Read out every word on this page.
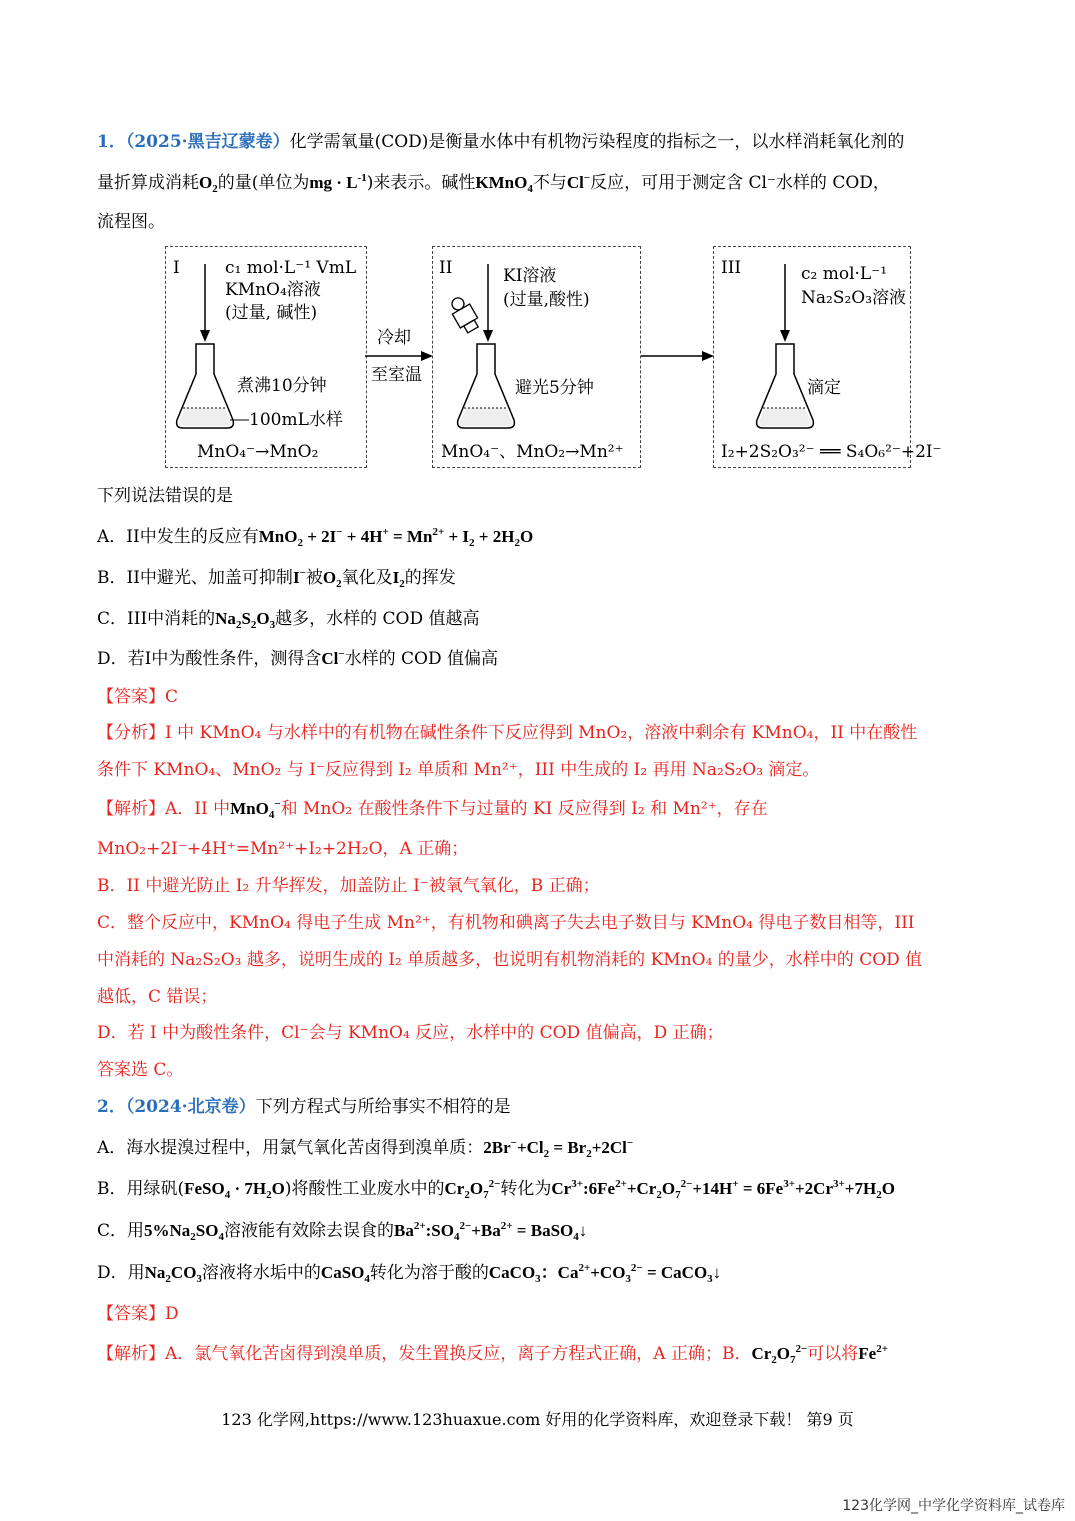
1．（2025·黑吉辽蒙卷）化学需氧量(COD)是衡量水体中有机物污染程度的指标之一，以水样消耗氧化剂的
量折算成消耗$O_2$的量(单位为mg · $L^{-1}$)来表示。碱性KMnO$_4$不与Cl−反应，可用于测定含 Cl⁻水样的 COD，
流程图。
I	c₁ mol·L⁻¹ VmL
KMnO₄溶液
(过量, 碱性)
煮沸10分钟
100mL水样
MnO₄⁻→MnO₂
冷却
至室温
II	KI溶液
(过量,酸性)
避光5分钟
MnO₄⁻、MnO₂→Mn²⁺
III	c₂ mol·L⁻¹
Na₂S₂O₃溶液
滴定
I₂+2S₂O₃²⁻ ══ S₄O₆²⁻+2I⁻
下列说法错误的是
A．II中发生的反应有$MnO_2 + 2I^- + 4H^+ = Mn^{2+} + I_2 + 2H_2O$
B．II中避光、加盖可抑制I−被$O_2$氧化及$I_2$的挥发
C．III中消耗的$Na_2S_2O_3$越多，水样的 COD 值越高
D．若I中为酸性条件，测得含Cl−水样的 COD 值偏高
【答案】C
【分析】I 中 KMnO₄ 与水样中的有机物在碱性条件下反应得到 MnO₂，溶液中剩余有 KMnO₄，II 中在酸性
条件下 KMnO₄、MnO₂ 与 I⁻反应得到 I₂ 单质和 Mn²⁺，III 中生成的 I₂ 再用 Na₂S₂O₃ 滴定。
【解析】A．II 中MnO$_4$−和 MnO₂ 在酸性条件下与过量的 KI 反应得到 I₂ 和 Mn²⁺，存在
MnO₂+2I⁻+4H⁺=Mn²⁺+I₂+2H₂O，A 正确；
B．II 中避光防止 I₂ 升华挥发，加盖防止 I⁻被氧气氧化，B 正确；
C．整个反应中，KMnO₄ 得电子生成 Mn²⁺，有机物和碘离子失去电子数目与 KMnO₄ 得电子数目相等，III
中消耗的 Na₂S₂O₃ 越多，说明生成的 I₂ 单质越多，也说明有机物消耗的 KMnO₄ 的量少，水样中的 COD 值
越低，C 错误；
D．若 I 中为酸性条件，Cl⁻会与 KMnO₄ 反应，水样中的 COD 值偏高，D 正确；
答案选 C。
2．（2024·北京卷）下列方程式与所给事实不相符的是
A．海水提溴过程中，用氯气氧化苦卤得到溴单质：$2Br^-+Cl_2 = Br_2+2Cl^-$
B．用绿矾(FeSO$_4$ · $7H_2O$)将酸性工业废水中的$Cr_2O_7^{2-}$转化为$Cr^{3+}:6Fe^{2+}+Cr_2O_7^{2-}+14H^+ = 6Fe^{3+}+2Cr^{3+}+7H_2O$
C．用$5\%Na_2SO_4$溶液能有效除去误食的$Ba^{2+}:SO_4^{2-}+Ba^{2+}$ = BaSO$_4$↓
D．用$Na_2CO_3$溶液将水垢中的CaSO$_4$转化为溶于酸的CaCO$_3$：$Ca^{2+}+CO_3^{2-}$ = CaCO$_3$↓
【答案】D
【解析】A．氯气氧化苦卤得到溴单质，发生置换反应，离子方程式正确，A 正确；B．$Cr_2O_7^{2-}$可以将$Fe^{2+}$
123 化学网,https://www.123huaxue.com 好用的化学资料库，欢迎登录下载！ 第9 页
123化学网_中学化学资料库_试卷库
